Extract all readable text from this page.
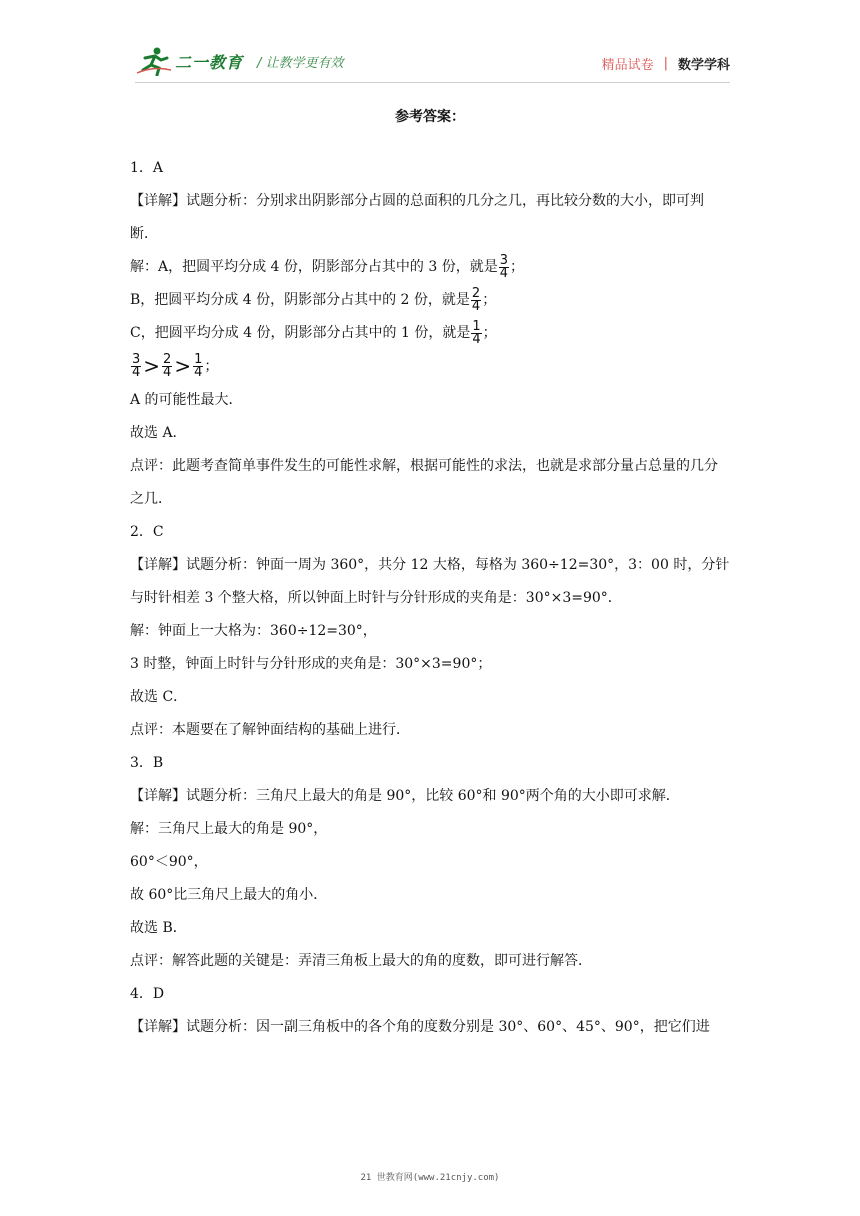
二一教育 / 让教学更有效	精品试卷 | 数学学科
参考答案：

1．A

【详解】试题分析：分别求出阴影部分占圆的总面积的几分之几，再比较分数的大小，即可判断．

解：A，把圆平均分成 4 份，阴影部分占其中的 3 份，就是 $\frac{3}{4}$ ；

B，把圆平均分成 4 份，阴影部分占其中的 2 份，就是 $\frac{2}{4}$ ；

C，把圆平均分成 4 份，阴影部分占其中的 1 份，就是 $\frac{1}{4}$ ；

$\frac{3}{4} > \frac{2}{4} > \frac{1}{4}$ ；

A 的可能性最大．

故选 A．

点评：此题考查简单事件发生的可能性求解，根据可能性的求法，也就是求部分量占总量的几分之几．

2．C

【详解】试题分析：钟面一周为 360°，共分 12 大格，每格为 360÷12=30°，3：00 时，分针与时针相差 3 个整大格，所以钟面上时针与分针形成的夹角是：30°×3=90°．

解：钟面上一大格为：360÷12=30°，

3 时整，钟面上时针与分针形成的夹角是：30°×3=90°；

故选 C．

点评：本题要在了解钟面结构的基础上进行．

3．B

【详解】试题分析：三角尺上最大的角是 90°，比较 60°和 90°两个角的大小即可求解．

解：三角尺上最大的角是 90°，

60°＜90°，

故 60°比三角尺上最大的角小．

故选 B．

点评：解答此题的关键是：弄清三角板上最大的角的度数，即可进行解答．

4．D

【详解】试题分析：因一副三角板中的各个角的度数分别是 30°、60°、45°、90°，把它们进

21 世教育网(www.21cnjy.com)
